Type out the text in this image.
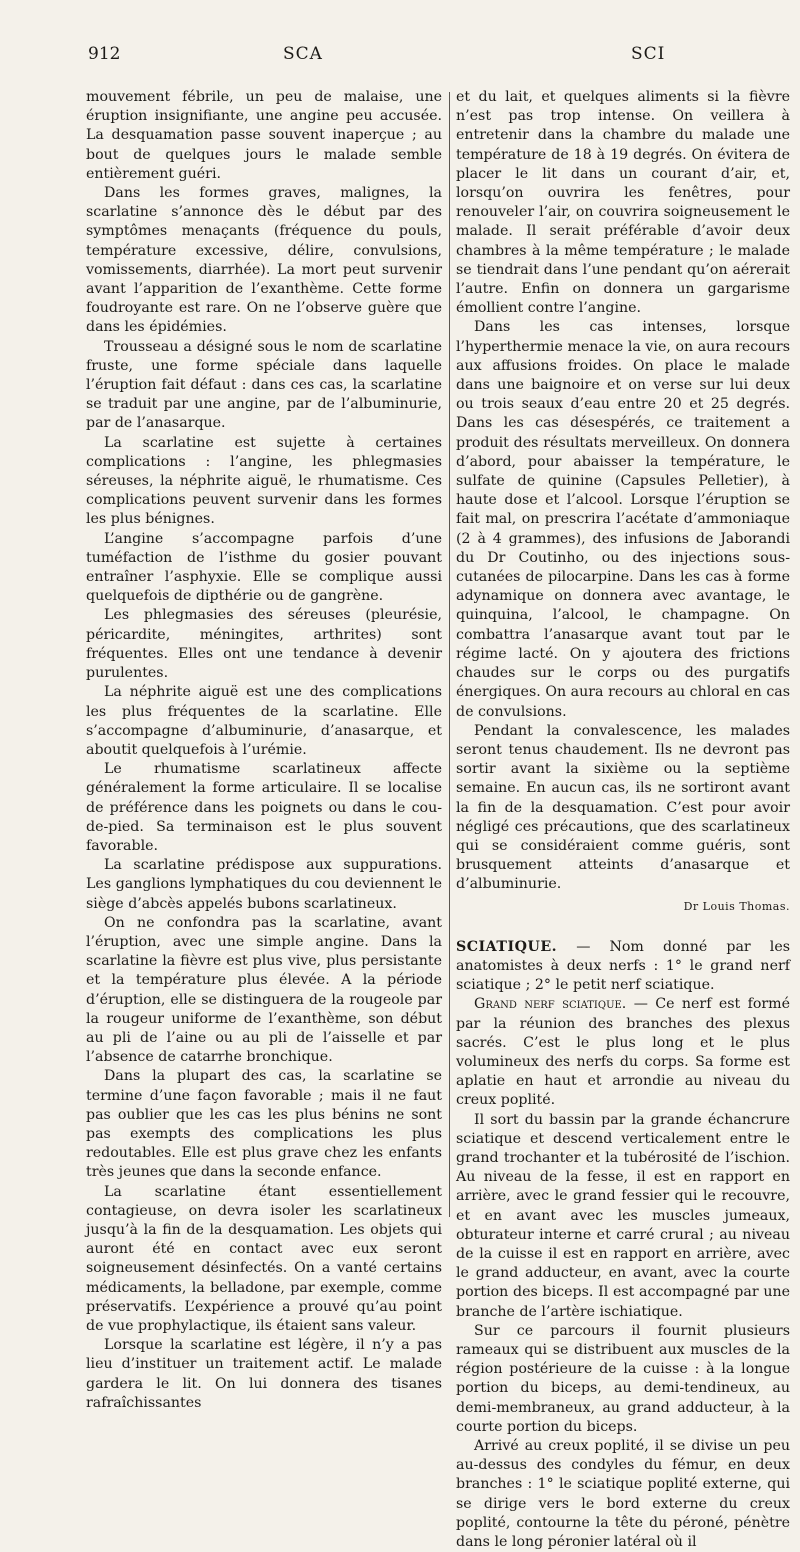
912	SCA	SCI

mouvement fébrile, un peu de malaise, une éruption insignifiante, une angine peu accusée. La desquamation passe souvent inaperçue ; au bout de quelques jours le malade semble entièrement guéri.

Dans les formes graves, malignes, la scarlatine s’annonce dès le début par des symptômes menaçants (fréquence du pouls, température excessive, délire, convulsions, vomissements, diarrhée). La mort peut survenir avant l’apparition de l’exanthème. Cette forme foudroyante est rare. On ne l’observe guère que dans les épidémies.

Trousseau a désigné sous le nom de scarlatine fruste, une forme spéciale dans laquelle l’éruption fait défaut : dans ces cas, la scarlatine se traduit par une angine, par de l’albuminurie, par de l’anasarque.

La scarlatine est sujette à certaines complications : l’angine, les phlegmasies séreuses, la néphrite aiguë, le rhumatisme. Ces complications peuvent survenir dans les formes les plus bénignes.

L’angine s’accompagne parfois d’une tuméfaction de l’isthme du gosier pouvant entraîner l’asphyxie. Elle se complique aussi quelquefois de dipthérie ou de gangrène.

Les phlegmasies des séreuses (pleurésie, péricardite, méningites, arthrites) sont fréquentes. Elles ont une tendance à devenir purulentes.

La néphrite aiguë est une des complications les plus fréquentes de la scarlatine. Elle s’accompagne d’albuminurie, d’anasarque, et aboutit quelquefois à l’urémie.

Le rhumatisme scarlatineux affecte généralement la forme articulaire. Il se localise de préférence dans les poignets ou dans le cou-de-pied. Sa terminaison est le plus souvent favorable.

La scarlatine prédispose aux suppurations. Les ganglions lymphatiques du cou deviennent le siège d’abcès appelés bubons scarlatineux.

On ne confondra pas la scarlatine, avant l’éruption, avec une simple angine. Dans la scarlatine la fièvre est plus vive, plus persistante et la température plus élevée. A la période d’éruption, elle se distinguera de la rougeole par la rougeur uniforme de l’exanthème, son début au pli de l’aine ou au pli de l’aisselle et par l’absence de catarrhe bronchique.

Dans la plupart des cas, la scarlatine se termine d’une façon favorable ; mais il ne faut pas oublier que les cas les plus bénins ne sont pas exempts des complications les plus redoutables. Elle est plus grave chez les enfants très jeunes que dans la seconde enfance.

La scarlatine étant essentiellement contagieuse, on devra isoler les scarlatineux jusqu’à la fin de la desquamation. Les objets qui auront été en contact avec eux seront soigneusement désinfectés. On a vanté certains médicaments, la belladone, par exemple, comme préservatifs. L’expérience a prouvé qu’au point de vue prophylactique, ils étaient sans valeur.

Lorsque la scarlatine est légère, il n’y a pas lieu d’instituer un traitement actif. Le malade gardera le lit. On lui donnera des tisanes rafraîchissantes

et du lait, et quelques aliments si la fièvre n’est pas trop intense. On veillera à entretenir dans la chambre du malade une température de 18 à 19 degrés. On évitera de placer le lit dans un courant d’air, et, lorsqu’on ouvrira les fenêtres, pour renouveler l’air, on couvrira soigneusement le malade. Il serait préférable d’avoir deux chambres à la même température ; le malade se tiendrait dans l’une pendant qu’on aérerait l’autre. Enfin on donnera un gargarisme émollient contre l’angine.

Dans les cas intenses, lorsque l’hyperthermie menace la vie, on aura recours aux affusions froides. On place le malade dans une baignoire et on verse sur lui deux ou trois seaux d’eau entre 20 et 25 degrés. Dans les cas désespérés, ce traitement a produit des résultats merveilleux. On donnera d’abord, pour abaisser la température, le sulfate de quinine (Capsules Pelletier), à haute dose et l’alcool. Lorsque l’éruption se fait mal, on prescrira l’acétate d’ammoniaque (2 à 4 grammes), des infusions de Jaborandi du Dr Coutinho, ou des injections sous-cutanées de pilocarpine. Dans les cas à forme adynamique on donnera avec avantage, le quinquina, l’alcool, le champagne. On combattra l’anasarque avant tout par le régime lacté. On y ajoutera des frictions chaudes sur le corps ou des purgatifs énergiques. On aura recours au chloral en cas de convulsions.

Pendant la convalescence, les malades seront tenus chaudement. Ils ne devront pas sortir avant la sixième ou la septième semaine. En aucun cas, ils ne sortiront avant la fin de la desquamation. C’est pour avoir négligé ces précautions, que des scarlatineux qui se considéraient comme guéris, sont brusquement atteints d’anasarque et d’albuminurie.

Dr Louis Thomas.

SCIATIQUE. — Nom donné par les anatomistes à deux nerfs : 1° le grand nerf sciatique ; 2° le petit nerf sciatique.

Grand nerf sciatique. — Ce nerf est formé par la réunion des branches des plexus sacrés. C’est le plus long et le plus volumineux des nerfs du corps. Sa forme est aplatie en haut et arrondie au niveau du creux poplité.

Il sort du bassin par la grande échancrure sciatique et descend verticalement entre le grand trochanter et la tubérosité de l’ischion. Au niveau de la fesse, il est en rapport en arrière, avec le grand fessier qui le recouvre, et en avant avec les muscles jumeaux, obturateur interne et carré crural ; au niveau de la cuisse il est en rapport en arrière, avec le grand adducteur, en avant, avec la courte portion des biceps. Il est accompagné par une branche de l’artère ischiatique.

Sur ce parcours il fournit plusieurs rameaux qui se distribuent aux muscles de la région postérieure de la cuisse : à la longue portion du biceps, au demi-tendineux, au demi-membraneux, au grand adducteur, à la courte portion du biceps.

Arrivé au creux poplité, il se divise un peu au-dessus des condyles du fémur, en deux branches : 1° le sciatique poplité externe, qui se dirige vers le bord externe du creux poplité, contourne la tête du péroné, pénètre dans le long péronier latéral où il
